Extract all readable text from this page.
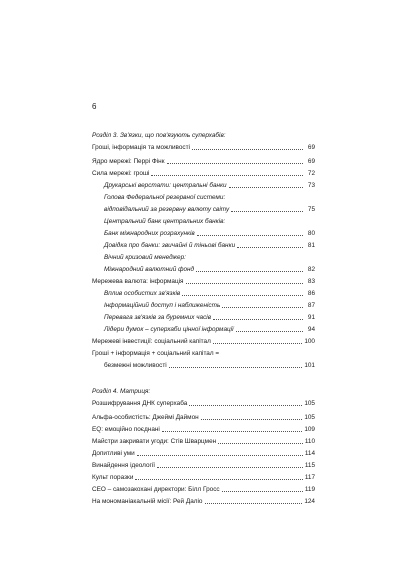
6
Розділ 3. Зв'язки, що пов'язують суперхабів:
Гроші, інформація та можливості	69
Ядро мережі: Перрі Фінк	69
Сила мережі: гроші	72
Друкарські верстати: центральні банки	73
Голова Федеральної резервної системи:
відповідальний за резервну валюту світу	75
Центральний банк центральних банків:
Банк міжнародних розрахунків	80
Довідка про банки: звичайні й тіньові банки	81
Вічний кризовий менеджер:
Міжнародний валютний фонд	82
Мережева валюта: інформація	83
Вплив особистих зв'язків	86
Інформаційний доступ і наближеність	87
Перевага зв'язків за буремних часів	91
Лідери думок – суперхаби цінної інформації	94
Мережеві інвестиції: соціальний капітал	100
Гроші + інформація + соціальний капітал =
безмежні можливості	101
Розділ 4. Матриця:
Розшифрування ДНК суперхаба	105
Альфа-особистість: Джеймі Даймон	105
EQ: емоційно поєднані	109
Майстри закривати угоди: Стів Шварцмен	110
Допитливі уми	114
Винайдення ідеології	115
Культ поразки	117
CEO – самозакохані директори: Білл Гросс	119
На мономаніакальній місії: Рей Даліо	124
